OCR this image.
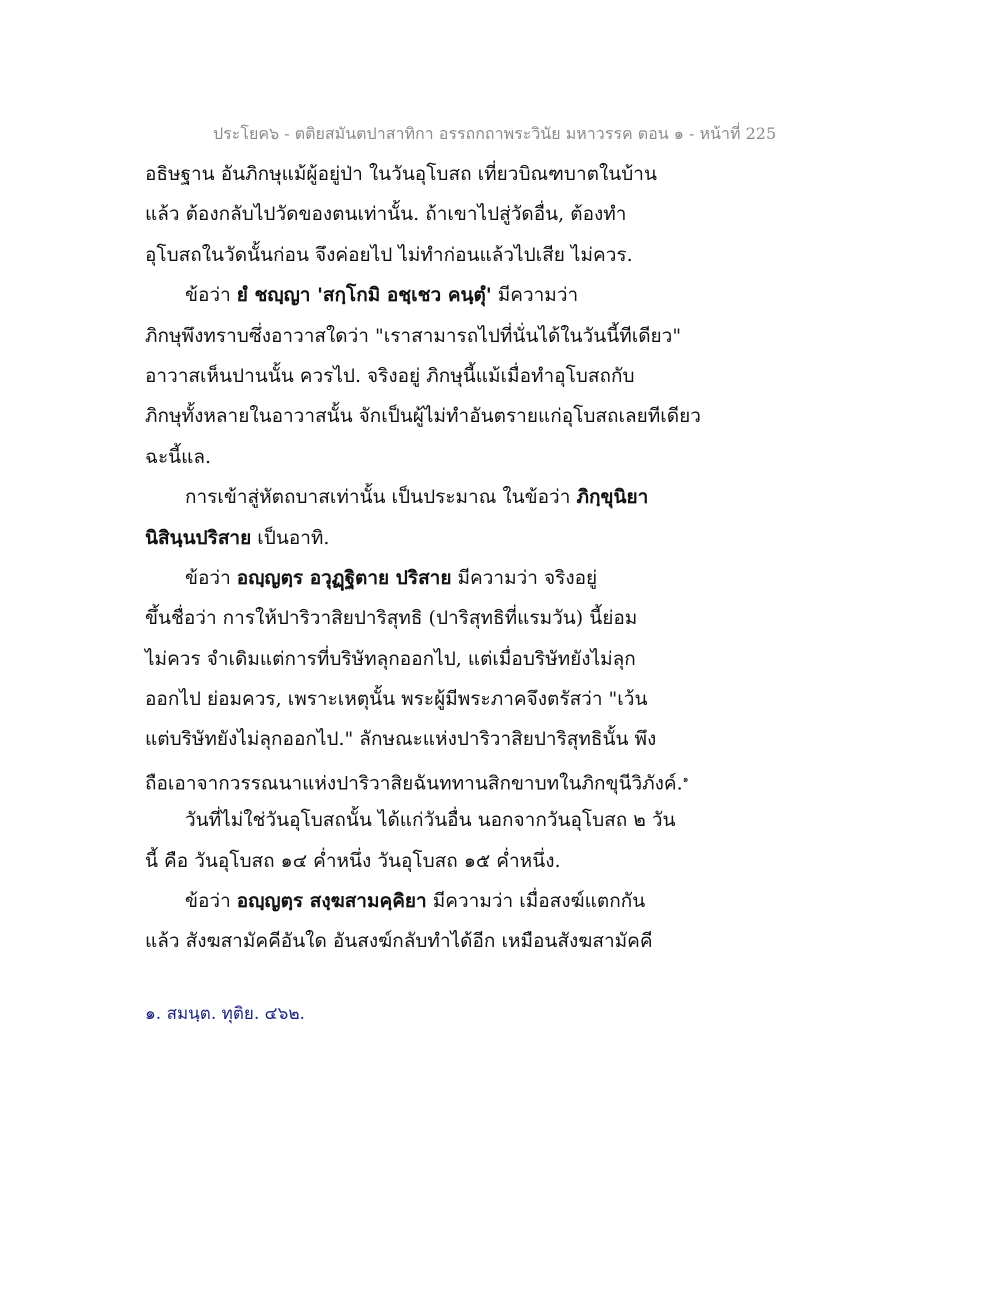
ประโยค๖ - ตติยสมันตปาสาทิกา อรรถกถาพระวินัย มหาวรรค ตอน ๑ - หน้าที่ 225
อธิษฐาน อันภิกษุแม้ผู้อยู่ป่า ในวันอุโบสถ เที่ยวบิณฑบาตในบ้าน
แล้ว ต้องกลับไปวัดของตนเท่านั้น. ถ้าเขาไปสู่วัดอื่น, ต้องทำ
อุโบสถในวัดนั้นก่อน จึงค่อยไป ไม่ทำก่อนแล้วไปเสีย ไม่ควร.
ข้อว่า ยํ ชญฺญา 'สกฺโกมิ อชฺเชว คนฺตุํ' มีความว่า
ภิกษุพึงทราบซึ่งอาวาสใดว่า "เราสามารถไปที่นั่นได้ในวันนี้ทีเดียว"
อาวาสเห็นปานนั้น ควรไป. จริงอยู่ ภิกษุนี้แม้เมื่อทำอุโบสถกับ
ภิกษุทั้งหลายในอาวาสนั้น จักเป็นผู้ไม่ทำอันตรายแก่อุโบสถเลยทีเดียว
ฉะนี้แล.
การเข้าสู่หัตถบาสเท่านั้น เป็นประมาณ ในข้อว่า ภิกฺขุนิยา
นิสินฺนปริสาย เป็นอาทิ.
ข้อว่า อญฺญตฺร อวุฏฺฐิตาย ปริสาย มีความว่า จริงอยู่
ขึ้นชื่อว่า การให้ปาริวาสิยปาริสุทธิ (ปาริสุทธิที่แรมวัน) นี้ย่อม
ไม่ควร จำเดิมแต่การที่บริษัทลุกออกไป, แต่เมื่อบริษัทยังไม่ลุก
ออกไป ย่อมควร, เพราะเหตุนั้น พระผู้มีพระภาคจึงตรัสว่า "เว้น
แต่บริษัทยังไม่ลุกออกไป." ลักษณะแห่งปาริวาสิยปาริสุทธินั้น พึง
ถือเอาจากวรรณนาแห่งปาริวาสิยฉันททานสิกขาบทในภิกขุนีวิภังค์.$^๑$
วันที่ไม่ใช่วันอุโบสถนั้น ได้แก่วันอื่น นอกจากวันอุโบสถ ๒ วัน
นี้ คือ วันอุโบสถ ๑๔ ค่ำหนึ่ง วันอุโบสถ ๑๕ ค่ำหนึ่ง.
ข้อว่า อญฺญตฺร สงฺฆสามคฺคิยา มีความว่า เมื่อสงฆ์แตกกัน
แล้ว สังฆสามัคคีอันใด อันสงฆ์กลับทำได้อีก เหมือนสังฆสามัคคี
๑. สมนฺต. ทุติย. ๔๖๒.
